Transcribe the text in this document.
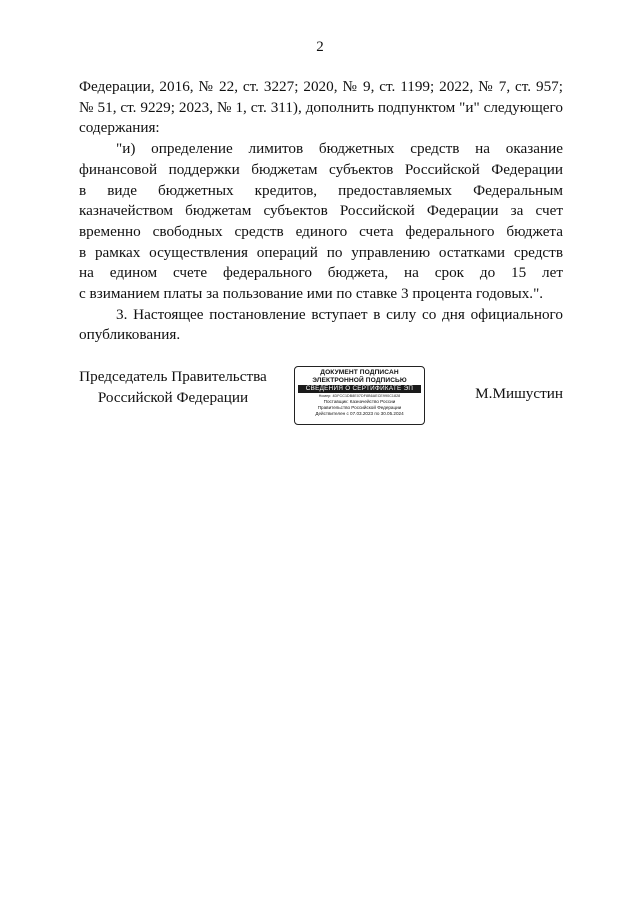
2
Федерации, 2016, № 22, ст. 3227; 2020, № 9, ст. 1199; 2022, № 7, ст. 957;
№ 51, ст. 9229; 2023, № 1, ст. 311), дополнить подпунктом "и" следующего
содержания:
"и) определение лимитов бюджетных средств на оказание
финансовой поддержки бюджетам субъектов Российской Федерации
в виде бюджетных кредитов, предоставляемых Федеральным
казначейством бюджетам субъектов Российской Федерации за счет
временно свободных средств единого счета федерального бюджета
в рамках осуществления операций по управлению остатками средств
на едином счете федерального бюджета, на срок до 15 лет
с взиманием платы за пользование ими по ставке 3 процента годовых.".
3. Настоящее постановление вступает в силу со дня официального
опубликования.
Председатель Правительства
Российской Федерации
ДОКУМЕНТ ПОДПИСАН
ЭЛЕКТРОННОЙ ПОДПИСЬЮ
СВЕДЕНИЯ О СЕРТИФИКАТЕ ЭП
Номер: 4DFCC1DB8E07DF8B6AECE990C1828
Поставщик: Казначейство России
Правительство Российской Федерации
Действителен с 07.03.2023 по 30.05.2024
М.Мишустин
